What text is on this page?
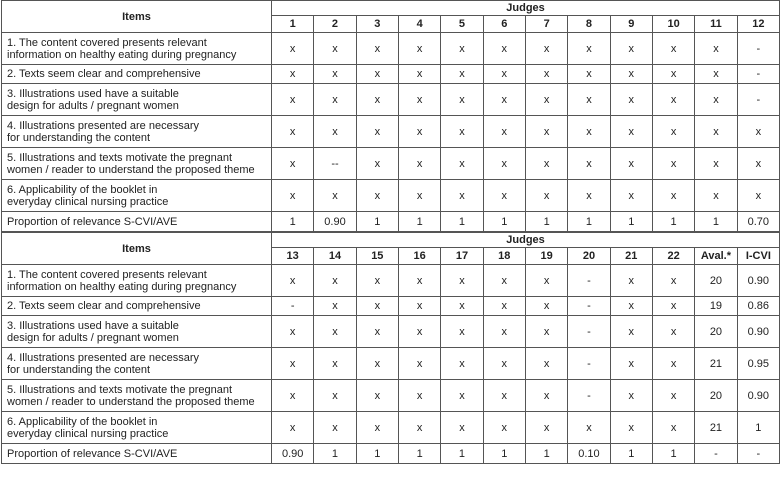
Items	Judges											
	1	2	3	4	5	6	7	8	9	10	11	12
1. The content covered presents relevant
information on healthy eating during pregnancy	x	x	x	x	x	x	x	x	x	x	x	-
2. Texts seem clear and comprehensive	x	x	x	x	x	x	x	x	x	x	x	-
3. Illustrations used have a suitable
design for adults / pregnant women	x	x	x	x	x	x	x	x	x	x	x	-
4. Illustrations presented are necessary
for understanding the content	x	x	x	x	x	x	x	x	x	x	x	x
5. Illustrations and texts motivate the pregnant
women / reader to understand the proposed theme	x	--	x	x	x	x	x	x	x	x	x	x
6. Applicability of the booklet in
everyday clinical nursing practice	x	x	x	x	x	x	x	x	x	x	x	x
Proportion of relevance S-CVI/AVE	1	0.90	1	1	1	1	1	1	1	1	1	0.70
Items	Judges											
	13	14	15	16	17	18	19	20	21	22	Aval.*	I-CVI
1. The content covered presents relevant
information on healthy eating during pregnancy	x	x	x	x	x	x	x	-	x	x	20	0.90
2. Texts seem clear and comprehensive	-	x	x	x	x	x	x	-	x	x	19	0.86
3. Illustrations used have a suitable
design for adults / pregnant women	x	x	x	x	x	x	x	-	x	x	20	0.90
4. Illustrations presented are necessary
for understanding the content	x	x	x	x	x	x	x	-	x	x	21	0.95
5. Illustrations and texts motivate the pregnant
women / reader to understand the proposed theme	x	x	x	x	x	x	x	-	x	x	20	0.90
6. Applicability of the booklet in
everyday clinical nursing practice	x	x	x	x	x	x	x	x	x	x	21	1
Proportion of relevance S-CVI/AVE	0.90	1	1	1	1	1	1	0.10	1	1	-	-
